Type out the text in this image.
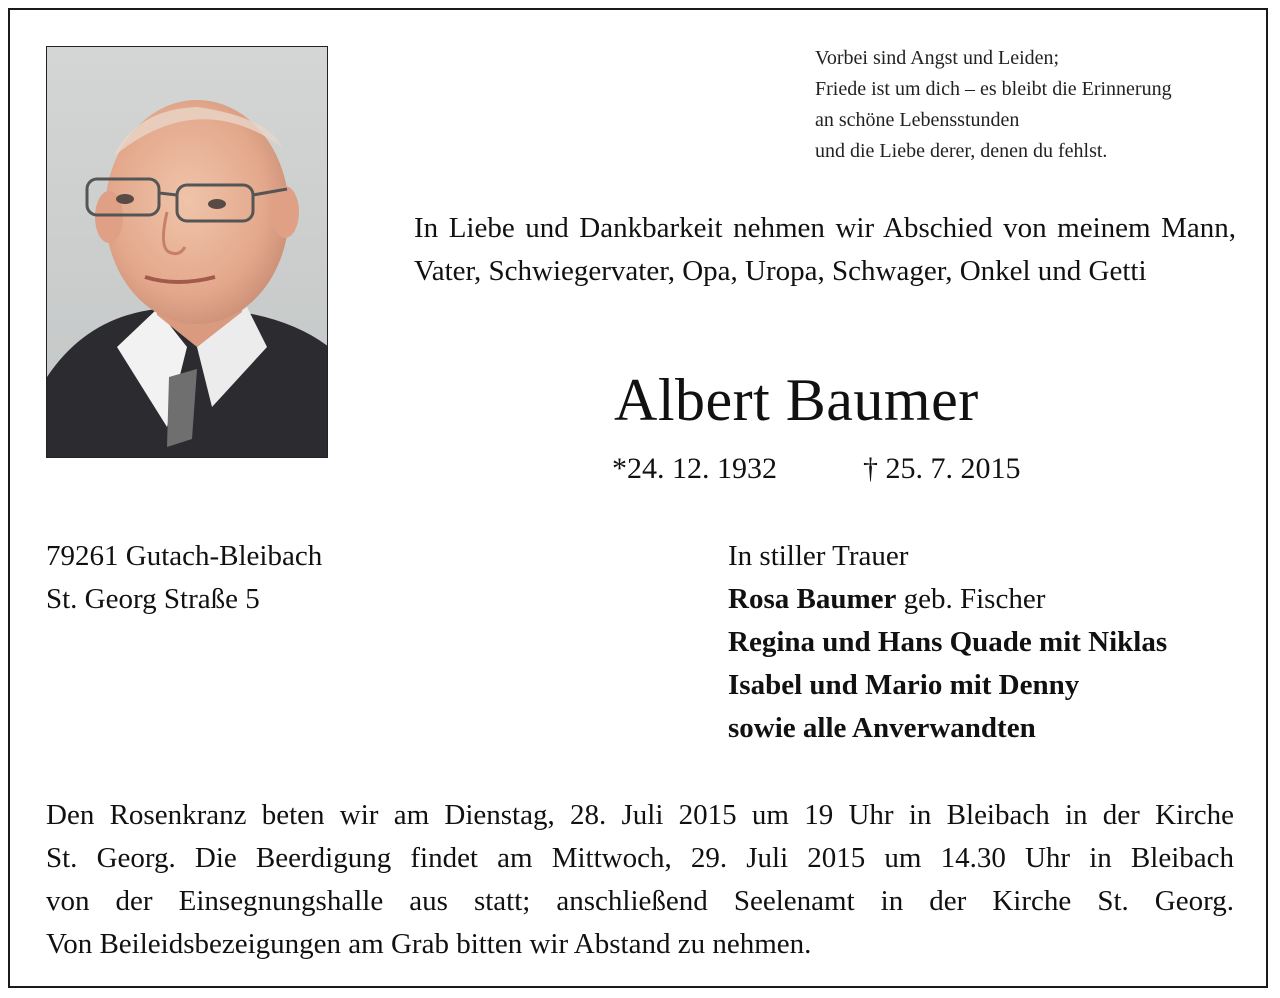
Vorbei sind Angst und Leiden;
Friede ist um dich – es bleibt die Erinnerung
an schöne Lebensstunden
und die Liebe derer, denen du fehlst.
In Liebe und Dankbarkeit nehmen wir Abschied von meinem Mann, Vater, Schwiegervater, Opa, Uropa, Schwager, Onkel und Getti
Albert Baumer
*24. 12. 1932	† 25. 7. 2015
79261 Gutach-Bleibach
St. Georg Straße 5
In stiller Trauer
Rosa Baumer geb. Fischer
Regina und Hans Quade mit Niklas
Isabel und Mario mit Denny
sowie alle Anverwandten
Den Rosenkranz beten wir am Dienstag, 28. Juli 2015 um 19 Uhr in Bleibach in der Kirche
St. Georg. Die Beerdigung findet am Mittwoch, 29. Juli 2015 um 14.30 Uhr in Bleibach
von der Einsegnungshalle aus statt; anschließend Seelenamt in der Kirche St. Georg.
Von Beileidsbezeigungen am Grab bitten wir Abstand zu nehmen.
